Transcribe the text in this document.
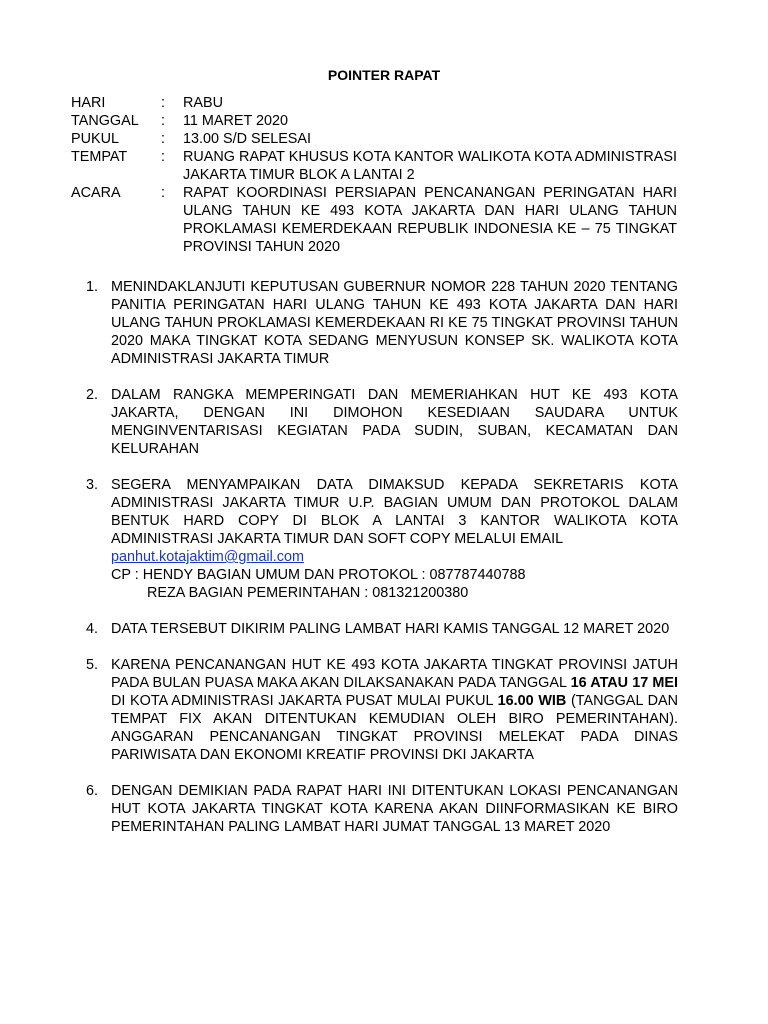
POINTER RAPAT
HARI	:	RABU
TANGGAL	:	11 MARET 2020
PUKUL	:	13.00 S/D SELESAI
TEMPAT	:	RUANG RAPAT KHUSUS KOTA KANTOR WALIKOTA KOTA ADMINISTRASI JAKARTA TIMUR BLOK A LANTAI 2
ACARA	:	RAPAT KOORDINASI PERSIAPAN PENCANANGAN PERINGATAN HARI ULANG TAHUN KE 493 KOTA JAKARTA DAN HARI ULANG TAHUN PROKLAMASI KEMERDEKAAN REPUBLIK INDONESIA KE – 75 TINGKAT PROVINSI TAHUN 2020
1. MENINDAKLANJUTI KEPUTUSAN GUBERNUR NOMOR 228 TAHUN 2020 TENTANG PANITIA PERINGATAN HARI ULANG TAHUN KE 493 KOTA JAKARTA DAN HARI ULANG TAHUN PROKLAMASI KEMERDEKAAN RI KE 75 TINGKAT PROVINSI TAHUN 2020 MAKA TINGKAT KOTA SEDANG MENYUSUN KONSEP SK. WALIKOTA KOTA ADMINISTRASI JAKARTA TIMUR
2. DALAM RANGKA MEMPERINGATI DAN MEMERIAHKAN HUT KE 493 KOTA JAKARTA, DENGAN INI DIMOHON KESEDIAAN SAUDARA UNTUK MENGINVENTARISASI KEGIATAN PADA SUDIN, SUBAN, KECAMATAN DAN KELURAHAN
3. SEGERA MENYAMPAIKAN DATA DIMAKSUD KEPADA SEKRETARIS KOTA ADMINISTRASI JAKARTA TIMUR U.P. BAGIAN UMUM DAN PROTOKOL DALAM BENTUK HARD COPY DI BLOK A LANTAI 3 KANTOR WALIKOTA KOTA ADMINISTRASI JAKARTA TIMUR DAN SOFT COPY MELALUI EMAIL
panhut.kotajaktim@gmail.com
CP : HENDY BAGIAN UMUM DAN PROTOKOL : 087787440788
REZA BAGIAN PEMERINTAHAN : 081321200380
4. DATA TERSEBUT DIKIRIM PALING LAMBAT HARI KAMIS TANGGAL 12 MARET 2020
5. KARENA PENCANANGAN HUT KE 493 KOTA JAKARTA TINGKAT PROVINSI JATUH PADA BULAN PUASA MAKA AKAN DILAKSANAKAN PADA TANGGAL 16 ATAU 17 MEI DI KOTA ADMINISTRASI JAKARTA PUSAT MULAI PUKUL 16.00 WIB (TANGGAL DAN TEMPAT FIX AKAN DITENTUKAN KEMUDIAN OLEH BIRO PEMERINTAHAN). ANGGARAN PENCANANGAN TINGKAT PROVINSI MELEKAT PADA DINAS PARIWISATA DAN EKONOMI KREATIF PROVINSI DKI JAKARTA
6. DENGAN DEMIKIAN PADA RAPAT HARI INI DITENTUKAN LOKASI PENCANANGAN HUT KOTA JAKARTA TINGKAT KOTA KARENA AKAN DIINFORMASIKAN KE BIRO PEMERINTAHAN PALING LAMBAT HARI JUMAT TANGGAL 13 MARET 2020
